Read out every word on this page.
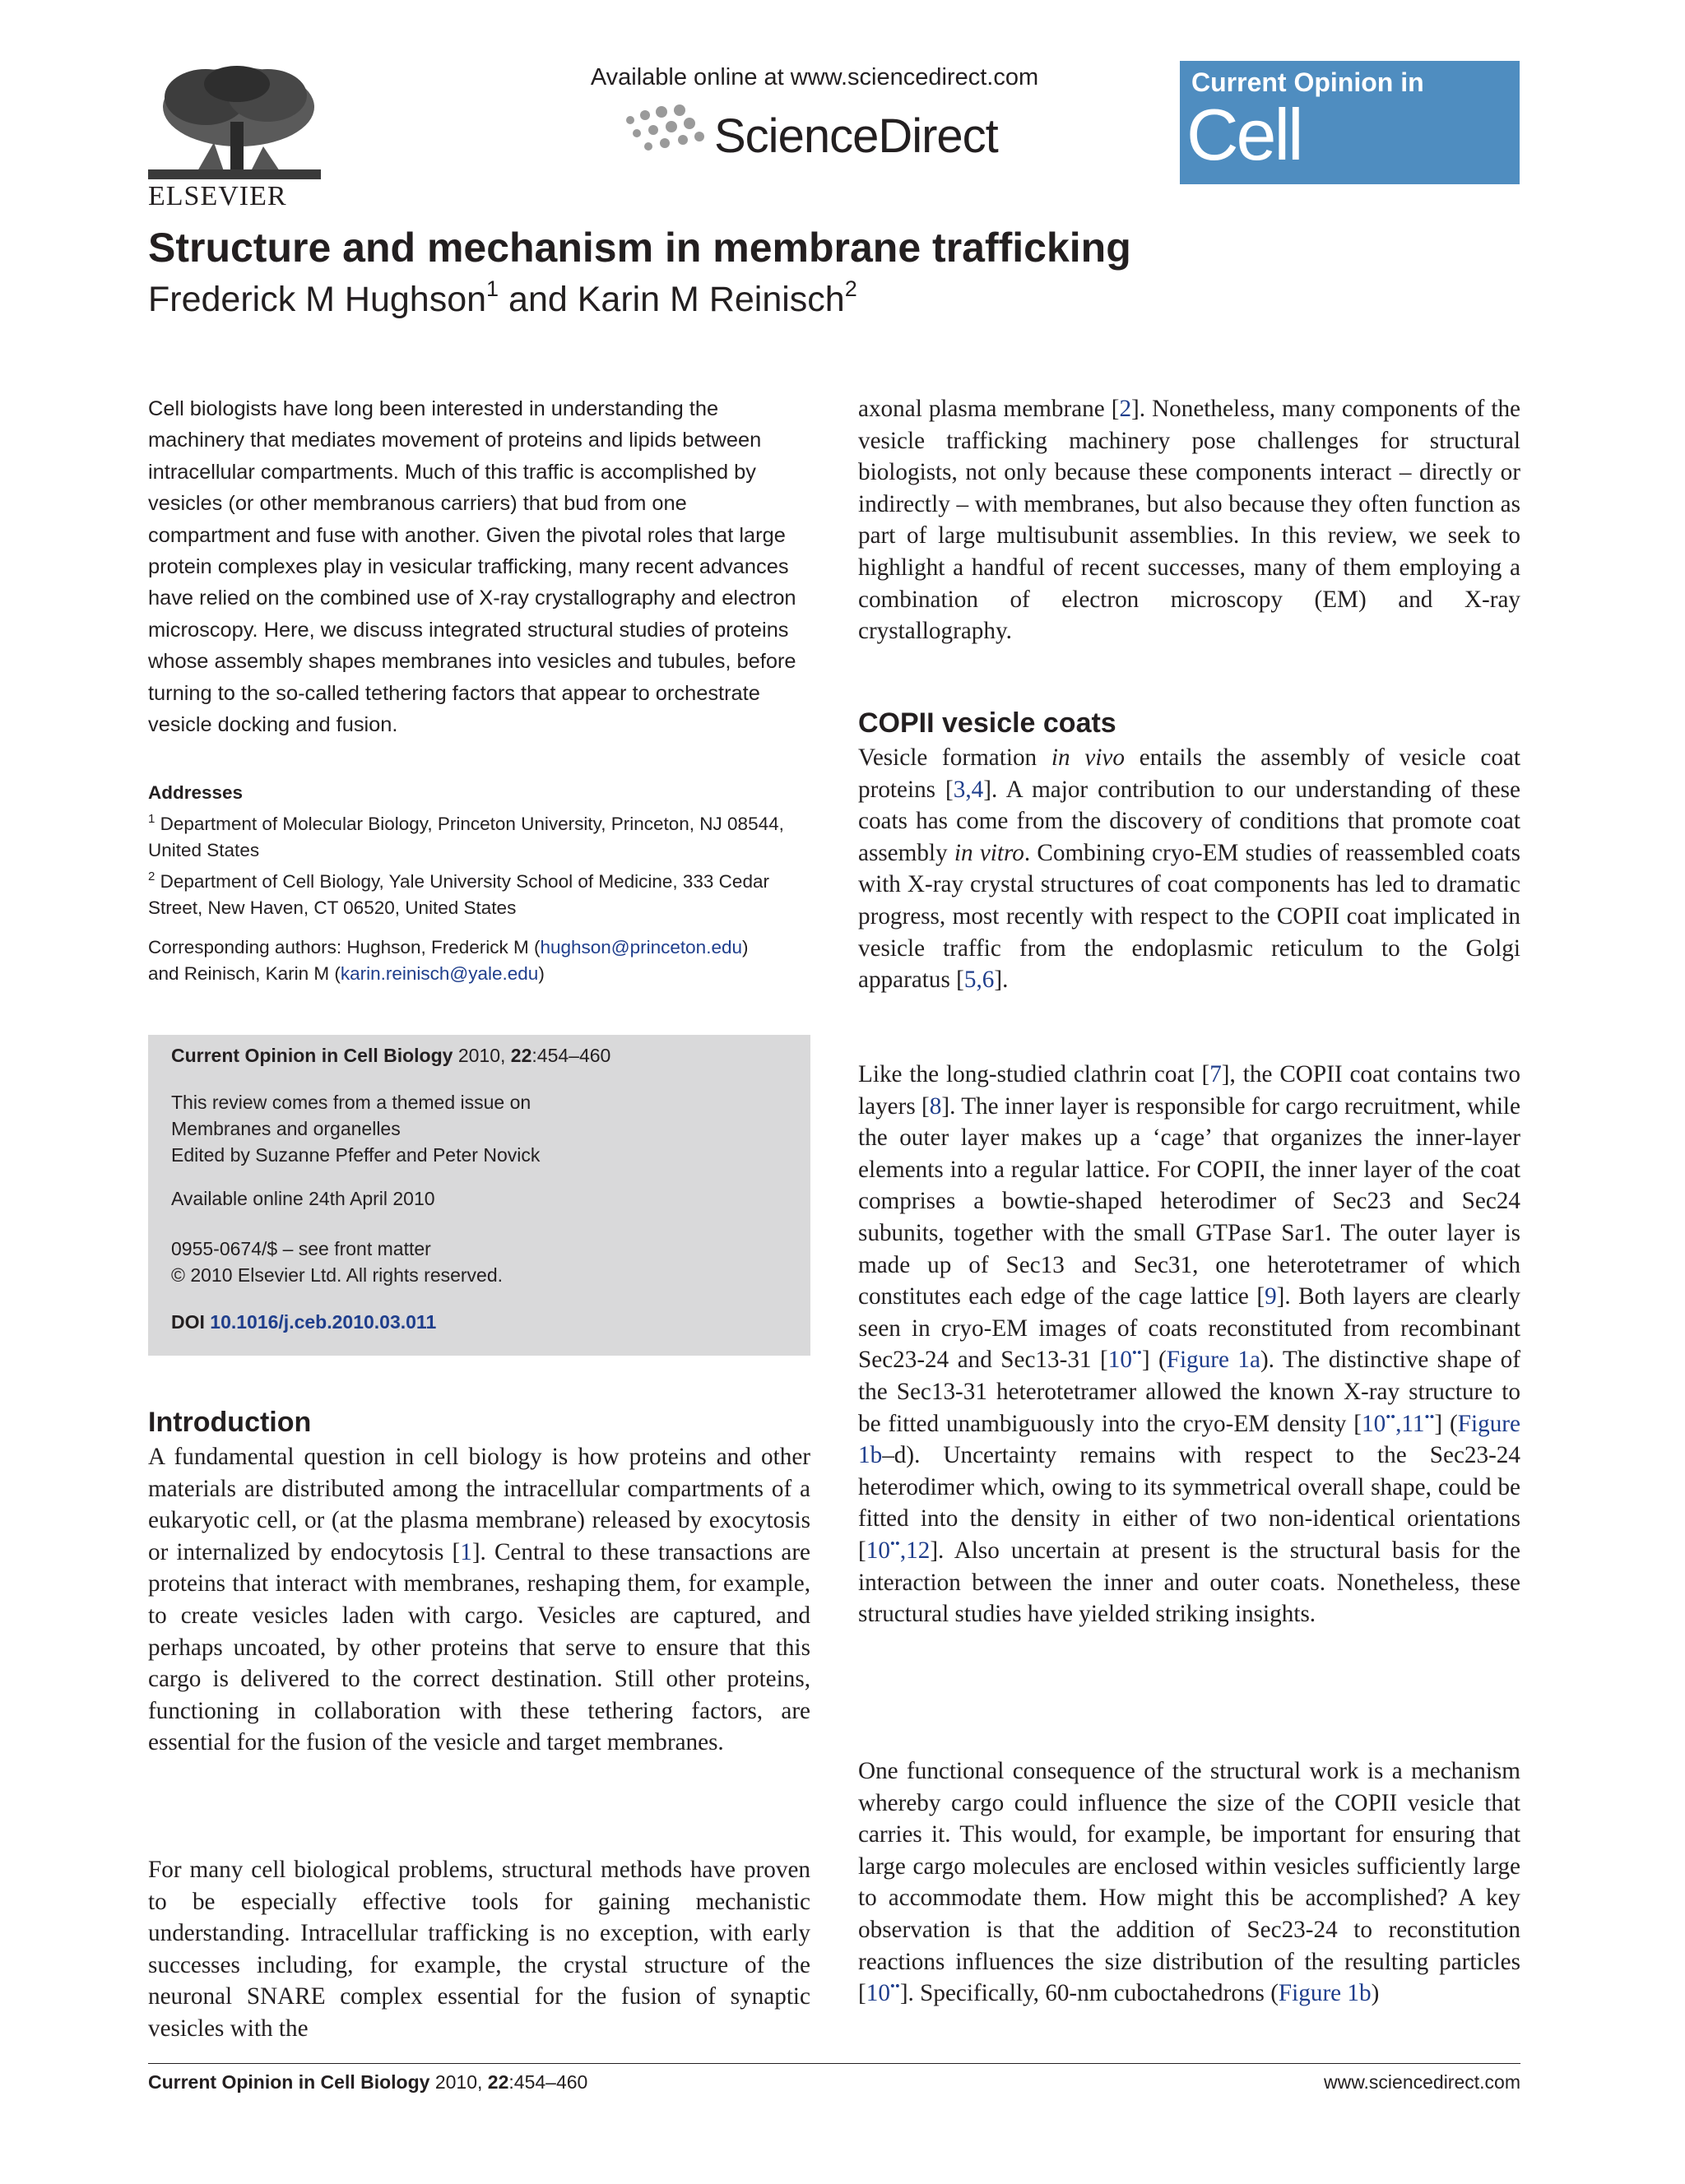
ELSEVIER
Available online at www.sciencedirect.com
ScienceDirect
Current Opinion in
Cell Biology
Structure and mechanism in membrane trafficking
Frederick M Hughson$^1$ and Karin M Reinisch$^2$
Cell biologists have long been interested in understanding the machinery that mediates movement of proteins and lipids between intracellular compartments. Much of this traffic is accomplished by vesicles (or other membranous carriers) that bud from one compartment and fuse with another. Given the pivotal roles that large protein complexes play in vesicular trafficking, many recent advances have relied on the combined use of X-ray crystallography and electron microscopy. Here, we discuss integrated structural studies of proteins whose assembly shapes membranes into vesicles and tubules, before turning to the so-called tethering factors that appear to orchestrate vesicle docking and fusion.
Addresses
$^1$ Department of Molecular Biology, Princeton University, Princeton, NJ 08544, United States
$^2$ Department of Cell Biology, Yale University School of Medicine, 333 Cedar Street, New Haven, CT 06520, United States
Corresponding authors: Hughson, Frederick M (hughson@princeton.edu)
and Reinisch, Karin M (karin.reinisch@yale.edu)
Current Opinion in Cell Biology 2010, 22:454–460
This review comes from a themed issue on
Membranes and organelles
Edited by Suzanne Pfeffer and Peter Novick
Available online 24th April 2010
0955-0674/$ – see front matter
© 2010 Elsevier Ltd. All rights reserved.
DOI 10.1016/j.ceb.2010.03.011
Introduction

A fundamental question in cell biology is how proteins and other materials are distributed among the intracellular compartments of a eukaryotic cell, or (at the plasma membrane) released by exocytosis or internalized by endocytosis [1]. Central to these transactions are proteins that interact with membranes, reshaping them, for example, to create vesicles laden with cargo. Vesicles are captured, and perhaps uncoated, by other proteins that serve to ensure that this cargo is delivered to the correct destination. Still other proteins, functioning in collaboration with these tethering factors, are essential for the fusion of the vesicle and target membranes.

For many cell biological problems, structural methods have proven to be especially effective tools for gaining mechanistic understanding. Intracellular trafficking is no exception, with early successes including, for example, the crystal structure of the neuronal SNARE complex essential for the fusion of synaptic vesicles with the

axonal plasma membrane [2]. Nonetheless, many components of the vesicle trafficking machinery pose challenges for structural biologists, not only because these components interact – directly or indirectly – with membranes, but also because they often function as part of large multisubunit assemblies. In this review, we seek to highlight a handful of recent successes, many of them employing a combination of electron microscopy (EM) and X-ray crystallography.

COPII vesicle coats

Vesicle formation in vivo entails the assembly of vesicle coat proteins [3,4]. A major contribution to our understanding of these coats has come from the discovery of conditions that promote coat assembly in vitro. Combining cryo-EM studies of reassembled coats with X-ray crystal structures of coat components has led to dramatic progress, most recently with respect to the COPII coat implicated in vesicle traffic from the endoplasmic reticulum to the Golgi apparatus [5,6].

Like the long-studied clathrin coat [7], the COPII coat contains two layers [8]. The inner layer is responsible for cargo recruitment, while the outer layer makes up a ‘cage’ that organizes the inner-layer elements into a regular lattice. For COPII, the inner layer of the coat comprises a bowtie-shaped heterodimer of Sec23 and Sec24 subunits, together with the small GTPase Sar1. The outer layer is made up of Sec13 and Sec31, one heterotetramer of which constitutes each edge of the cage lattice [9]. Both layers are clearly seen in cryo-EM images of coats reconstituted from recombinant Sec23-24 and Sec13-31 [10••] (Figure 1a). The distinctive shape of the Sec13-31 heterotetramer allowed the known X-ray structure to be fitted unambiguously into the cryo-EM density [10••,11••] (Figure 1b–d). Uncertainty remains with respect to the Sec23-24 heterodimer which, owing to its symmetrical overall shape, could be fitted into the density in either of two non-identical orientations [10••,12]. Also uncertain at present is the structural basis for the interaction between the inner and outer coats. Nonetheless, these structural studies have yielded striking insights.

One functional consequence of the structural work is a mechanism whereby cargo could influence the size of the COPII vesicle that carries it. This would, for example, be important for ensuring that large cargo molecules are enclosed within vesicles sufficiently large to accommodate them. How might this be accomplished? A key observation is that the addition of Sec23-24 to reconstitution reactions influences the size distribution of the resulting particles [10••]. Specifically, 60-nm cuboctahedrons (Figure 1b)

Current Opinion in Cell Biology 2010, 22:454–460	www.sciencedirect.com
